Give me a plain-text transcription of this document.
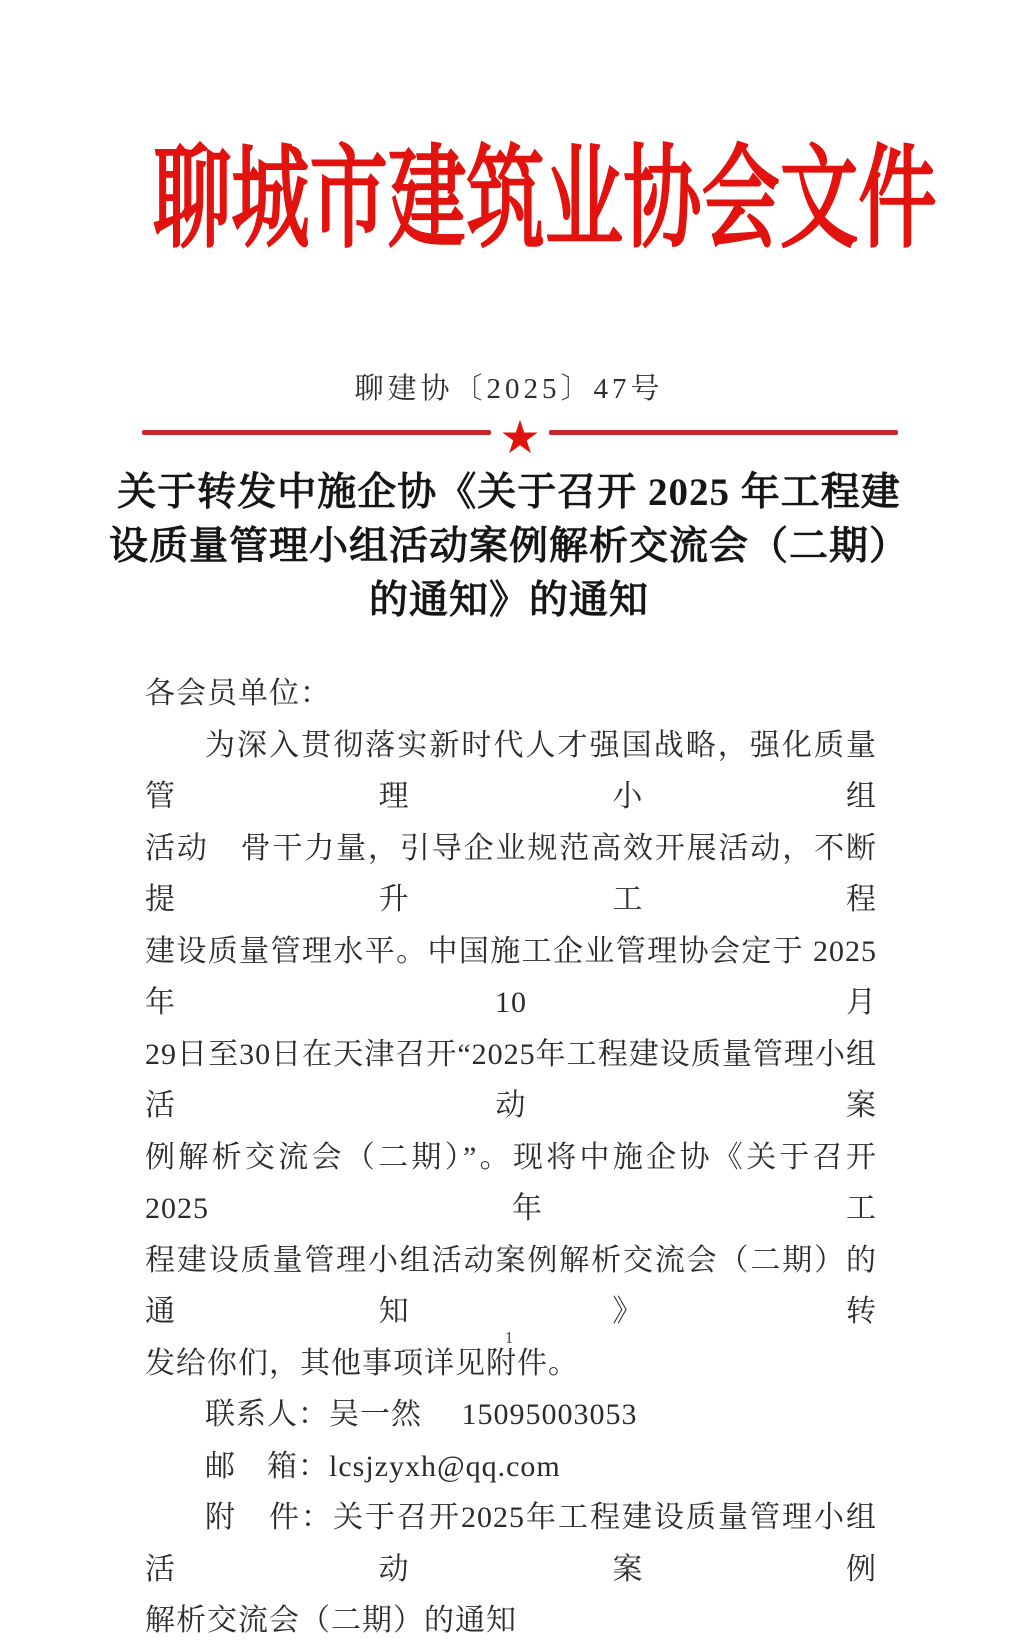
聊城市建筑业协会文件
聊建协〔2025〕47号
★
关于转发中施企协《关于召开 2025 年工程建
设质量管理小组活动案例解析交流会（二期）
的通知》的通知
各会员单位：
为深入贯彻落实新时代人才强国战略，强化质量管理小组
活动　骨干力量，引导企业规范高效开展活动，不断提升工程
建设质量管理水平。中国施工企业管理协会定于 2025年10月
29日至30日在天津召开“2025年工程建设质量管理小组活动案
例解析交流会（二期）”。现将中施企协《关于召开2025年工
程建设质量管理小组活动案例解析交流会（二期）的通知》转
发给你们，其他事项详见附件。
联系人：吴一然　 15095003053
邮　箱：lcsjzyxh@qq.com
附　件：关于召开2025年工程建设质量管理小组活动案例
解析交流会（二期）的通知
1
